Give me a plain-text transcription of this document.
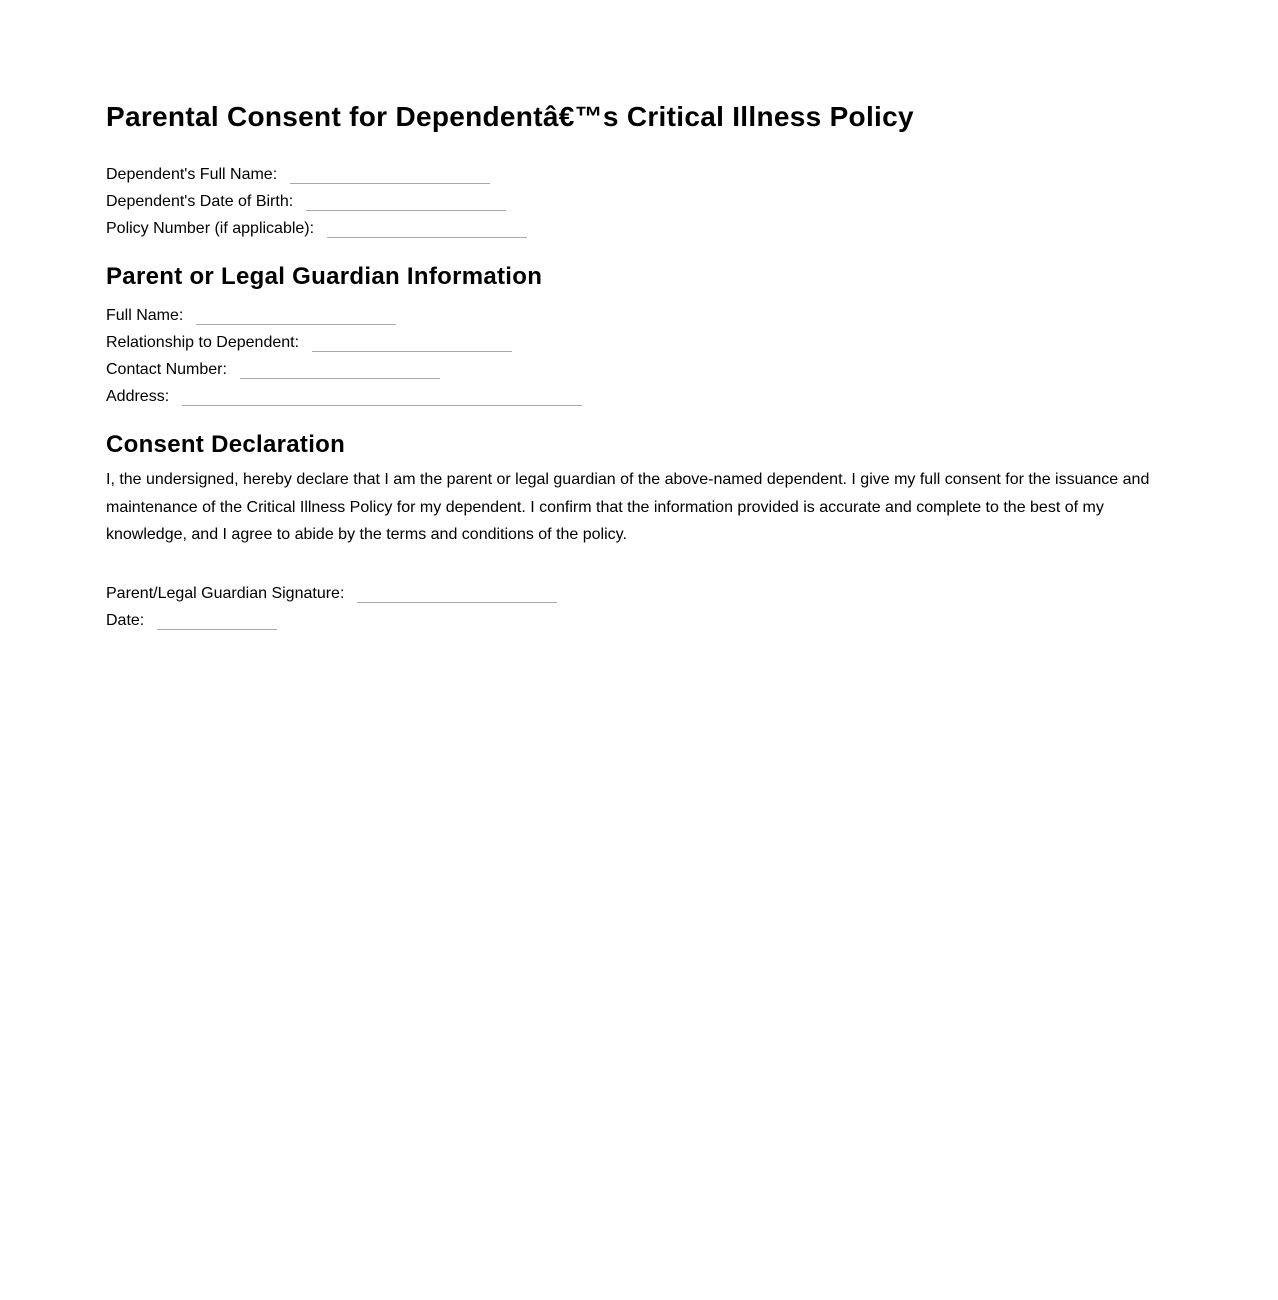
Parental Consent for Dependentâ€™s Critical Illness Policy
Dependent's Full Name:
Dependent's Date of Birth:
Policy Number (if applicable):
Parent or Legal Guardian Information
Full Name:
Relationship to Dependent:
Contact Number:
Address:
Consent Declaration

I, the undersigned, hereby declare that I am the parent or legal guardian of the above-named dependent. I give my full consent for the issuance and maintenance of the Critical Illness Policy for my dependent. I confirm that the information provided is accurate and complete to the best of my knowledge, and I agree to abide by the terms and conditions of the policy.

Parent/Legal Guardian Signature:
Date:
